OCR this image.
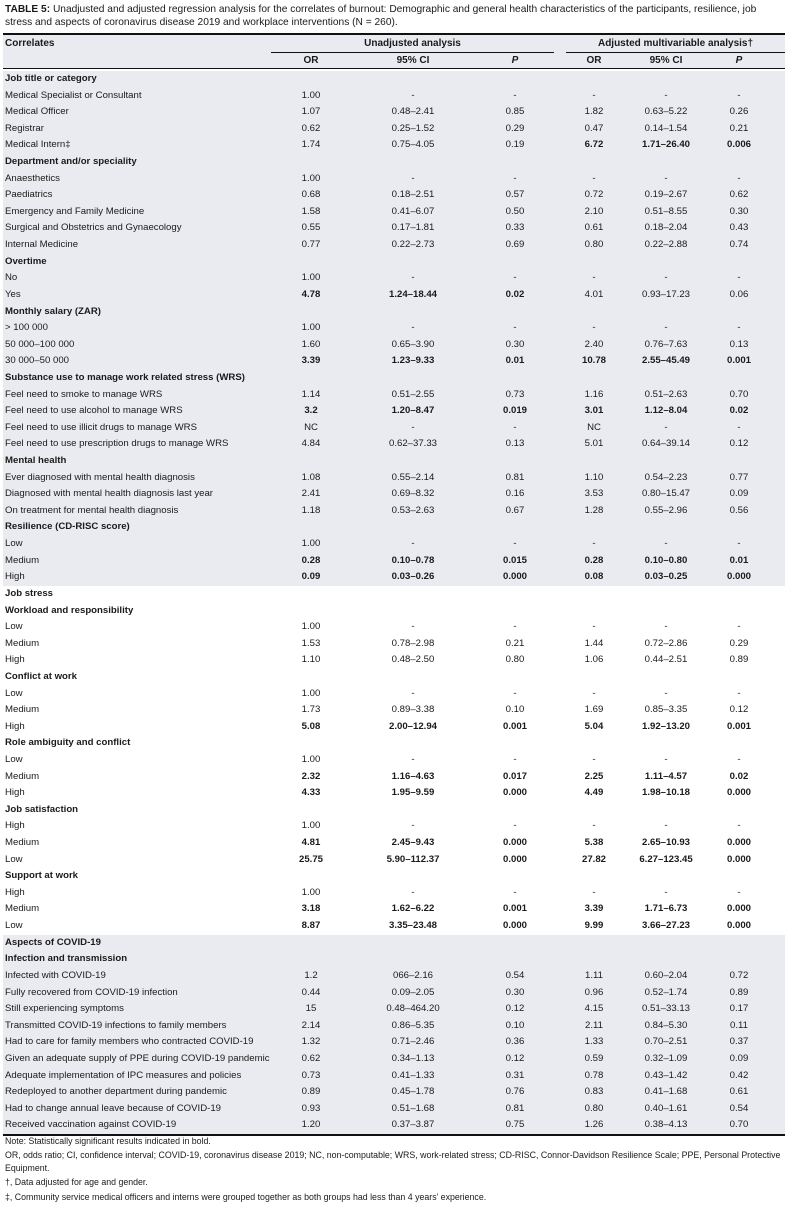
TABLE 5: Unadjusted and adjusted regression analysis for the correlates of burnout: Demographic and general health characteristics of the participants, resilience, job stress and aspects of coronavirus disease 2019 and workplace interventions (N = 260).
Correlates	Unadjusted analysis	Adjusted multivariable analysis†
OR	95% CI	P	OR	95% CI	P
Job title or category
Medical Specialist or Consultant	1.00	-	-	-	-	-
Medical Officer	1.07	0.48–2.41	0.85	1.82	0.63–5.22	0.26
Registrar	0.62	0.25–1.52	0.29	0.47	0.14–1.54	0.21
Medical Intern‡	1.74	0.75–4.05	0.19	6.72	1.71–26.40	0.006
Department and/or speciality
Anaesthetics	1.00	-	-	-	-	-
Paediatrics	0.68	0.18–2.51	0.57	0.72	0.19–2.67	0.62
Emergency and Family Medicine	1.58	0.41–6.07	0.50	2.10	0.51–8.55	0.30
Surgical and Obstetrics and Gynaecology	0.55	0.17–1.81	0.33	0.61	0.18–2.04	0.43
Internal Medicine	0.77	0.22–2.73	0.69	0.80	0.22–2.88	0.74
Overtime
No	1.00	-	-	-	-	-
Yes	4.78	1.24–18.44	0.02	4.01	0.93–17.23	0.06
Monthly salary (ZAR)
> 100 000	1.00	-	-	-	-	-
50 000–100 000	1.60	0.65–3.90	0.30	2.40	0.76–7.63	0.13
30 000–50 000	3.39	1.23–9.33	0.01	10.78	2.55–45.49	0.001
Substance use to manage work related stress (WRS)
Feel need to smoke to manage WRS	1.14	0.51–2.55	0.73	1.16	0.51–2.63	0.70
Feel need to use alcohol to manage WRS	3.2	1.20–8.47	0.019	3.01	1.12–8.04	0.02
Feel need to use illicit drugs to manage WRS	NC	-	-	NC	-	-
Feel need to use prescription drugs to manage WRS	4.84	0.62–37.33	0.13	5.01	0.64–39.14	0.12
Mental health
Ever diagnosed with mental health diagnosis	1.08	0.55–2.14	0.81	1.10	0.54–2.23	0.77
Diagnosed with mental health diagnosis last year	2.41	0.69–8.32	0.16	3.53	0.80–15.47	0.09
On treatment for mental health diagnosis	1.18	0.53–2.63	0.67	1.28	0.55–2.96	0.56
Resilience (CD-RISC score)
Low	1.00	-	-	-	-	-
Medium	0.28	0.10–0.78	0.015	0.28	0.10–0.80	0.01
High	0.09	0.03–0.26	0.000	0.08	0.03–0.25	0.000
Job stress
Workload and responsibility
Low	1.00	-	-	-	-	-
Medium	1.53	0.78–2.98	0.21	1.44	0.72–2.86	0.29
High	1.10	0.48–2.50	0.80	1.06	0.44–2.51	0.89
Conflict at work
Low	1.00	-	-	-	-	-
Medium	1.73	0.89–3.38	0.10	1.69	0.85–3.35	0.12
High	5.08	2.00–12.94	0.001	5.04	1.92–13.20	0.001
Role ambiguity and conflict
Low	1.00	-	-	-	-	-
Medium	2.32	1.16–4.63	0.017	2.25	1.11–4.57	0.02
High	4.33	1.95–9.59	0.000	4.49	1.98–10.18	0.000
Job satisfaction
High	1.00	-	-	-	-	-
Medium	4.81	2.45–9.43	0.000	5.38	2.65–10.93	0.000
Low	25.75	5.90–112.37	0.000	27.82	6.27–123.45	0.000
Support at work
High	1.00	-	-	-	-	-
Medium	3.18	1.62–6.22	0.001	3.39	1.71–6.73	0.000
Low	8.87	3.35–23.48	0.000	9.99	3.66–27.23	0.000
Aspects of COVID-19
Infection and transmission
Infected with COVID-19	1.2	066–2.16	0.54	1.11	0.60–2.04	0.72
Fully recovered from COVID-19 infection	0.44	0.09–2.05	0.30	0.96	0.52–1.74	0.89
Still experiencing symptoms	15	0.48–464.20	0.12	4.15	0.51–33.13	0.17
Transmitted COVID-19 infections to family members	2.14	0.86–5.35	0.10	2.11	0.84–5.30	0.11
Had to care for family members who contracted COVID-19	1.32	0.71–2.46	0.36	1.33	0.70–2.51	0.37
Given an adequate supply of PPE during COVID-19 pandemic	0.62	0.34–1.13	0.12	0.59	0.32–1.09	0.09
Adequate implementation of IPC measures and policies	0.73	0.41–1.33	0.31	0.78	0.43–1.42	0.42
Redeployed to another department during pandemic	0.89	0.45–1.78	0.76	0.83	0.41–1.68	0.61
Had to change annual leave because of COVID-19	0.93	0.51–1.68	0.81	0.80	0.40–1.61	0.54
Received vaccination against COVID-19	1.20	0.37–3.87	0.75	1.26	0.38–4.13	0.70
Note: Statistically significant results indicated in bold.
OR, odds ratio; CI, confidence interval; COVID-19, coronavirus disease 2019; NC, non-computable; WRS, work-related stress; CD-RISC, Connor-Davidson Resilience Scale; PPE, Personal Protective Equipment.
†, Data adjusted for age and gender.
‡, Community service medical officers and interns were grouped together as both groups had less than 4 years’ experience.
